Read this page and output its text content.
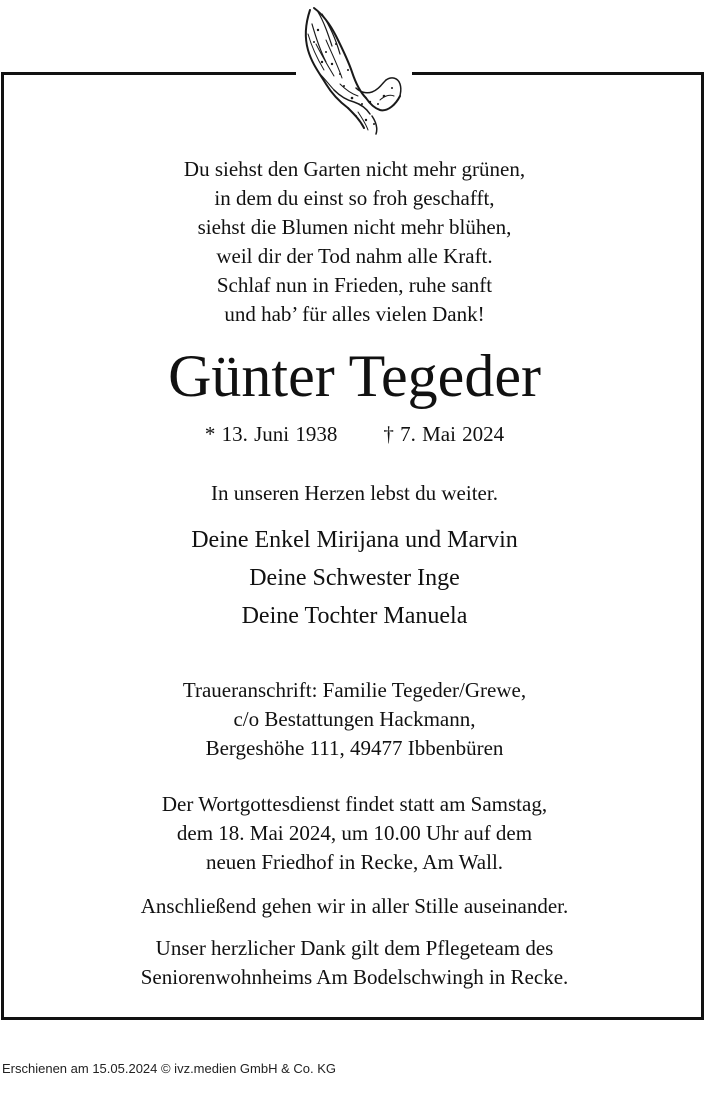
Du siehst den Garten nicht mehr grünen,
in dem du einst so froh geschafft,
siehst die Blumen nicht mehr blühen,
weil dir der Tod nahm alle Kraft.
Schlaf nun in Frieden, ruhe sanft
und hab’ für alles vielen Dank!
Günter Tegeder
* 13. Juni 1938 † 7. Mai 2024
In unseren Herzen lebst du weiter.
Deine Enkel Mirijana und Marvin
Deine Schwester Inge
Deine Tochter Manuela
Traueranschrift: Familie Tegeder/Grewe,
c/o Bestattungen Hackmann,
Bergeshöhe 111, 49477 Ibbenbüren
Der Wortgottesdienst findet statt am Samstag,
dem 18. Mai 2024, um 10.00 Uhr auf dem
neuen Friedhof in Recke, Am Wall.
Anschließend gehen wir in aller Stille auseinander.
Unser herzlicher Dank gilt dem Pflegeteam des
Seniorenwohnheims Am Bodelschwingh in Recke.
Erschienen am 15.05.2024 © ivz.medien GmbH & Co. KG
